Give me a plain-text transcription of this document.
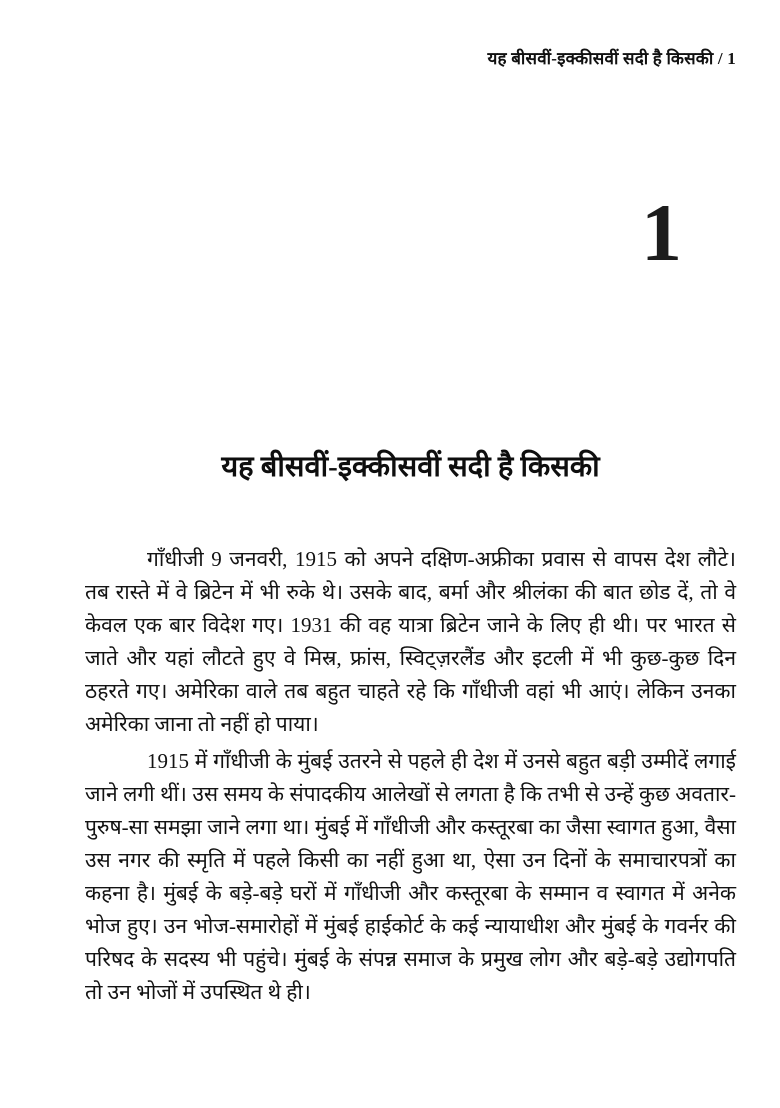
यह बीसवीं-इक्कीसवीं सदी है किसकी / 1
1
यह बीसवीं-इक्कीसवीं सदी है किसकी

गाँधीजी 9 जनवरी, 1915 को अपने दक्षिण-अफ्रीका प्रवास से वापस देश लौटे। तब रास्ते में वे ब्रिटेन में भी रुके थे। उसके बाद, बर्मा और श्रीलंका की बात छोड दें, तो वे केवल एक बार विदेश गए। 1931 की वह यात्रा ब्रिटेन जाने के लिए ही थी। पर भारत से जाते और यहां लौटते हुए वे मिस्र, फ्रांस, स्विट्ज़रलैंड और इटली में भी कुछ-कुछ दिन ठहरते गए। अमेरिका वाले तब बहुत चाहते रहे कि गाँधीजी वहां भी आएं। लेकिन उनका अमेरिका जाना तो नहीं हो पाया।

1915 में गाँधीजी के मुंबई उतरने से पहले ही देश में उनसे बहुत बड़ी उम्मीदें लगाई जाने लगी थीं। उस समय के संपादकीय आलेखों से लगता है कि तभी से उन्हें कुछ अवतार-पुरुष-सा समझा जाने लगा था। मुंबई में गाँधीजी और कस्तूरबा का जैसा स्वागत हुआ, वैसा उस नगर की स्मृति में पहले किसी का नहीं हुआ था, ऐसा उन दिनों के समाचारपत्रों का कहना है। मुंबई के बड़े-बड़े घरों में गाँधीजी और कस्तूरबा के सम्मान व स्वागत में अनेक भोज हुए। उन भोज-समारोहों में मुंबई हाईकोर्ट के कई न्यायाधीश और मुंबई के गवर्नर की परिषद के सदस्य भी पहुंचे। मुंबई के संपन्न समाज के प्रमुख लोग और बड़े-बड़े उद्योगपति तो उन भोजों में उपस्थित थे ही।
